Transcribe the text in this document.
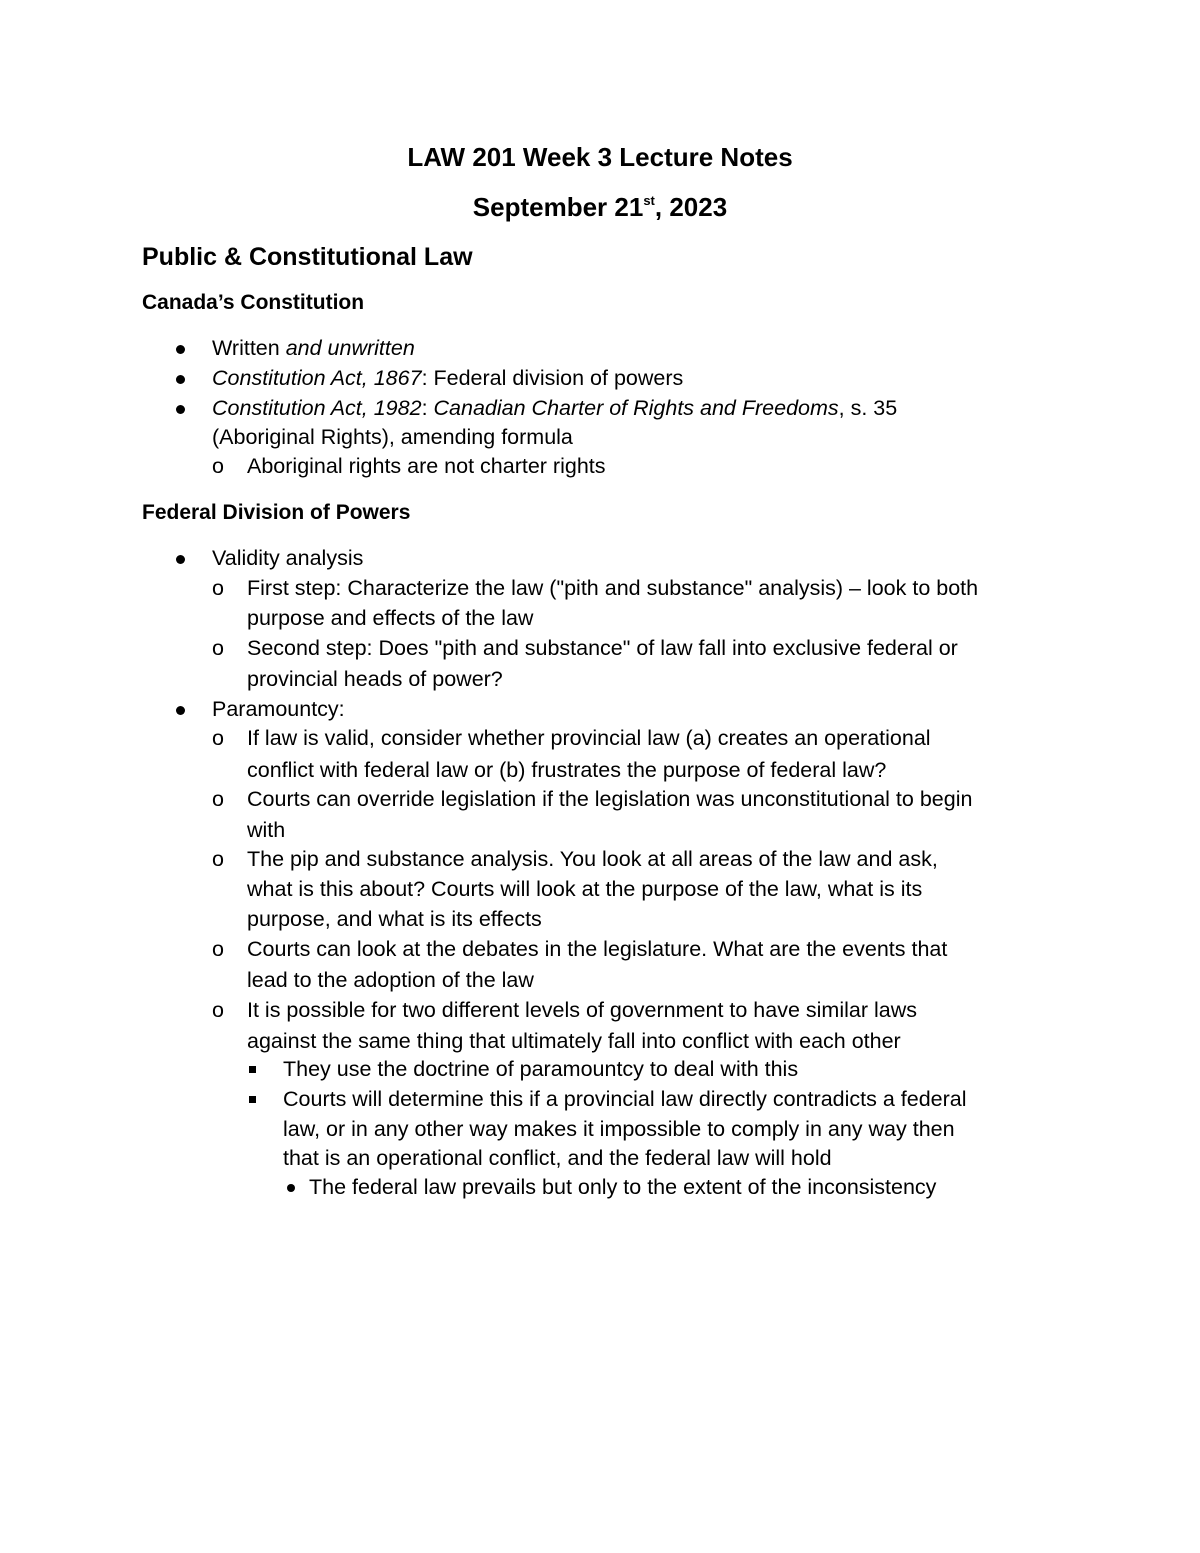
LAW 201 Week 3 Lecture Notes
September 21st, 2023
Public & Constitutional Law
Canada’s Constitution
Written and unwritten
Constitution Act, 1867: Federal division of powers
Constitution Act, 1982: Canadian Charter of Rights and Freedoms, s. 35
(Aboriginal Rights), amending formula
o Aboriginal rights are not charter rights
Federal Division of Powers
Validity analysis
o First step: Characterize the law ("pith and substance" analysis) – look to both
purpose and effects of the law
o Second step: Does "pith and substance" of law fall into exclusive federal or
provincial heads of power?
Paramountcy:
o If law is valid, consider whether provincial law (a) creates an operational
conflict with federal law or (b) frustrates the purpose of federal law?
o Courts can override legislation if the legislation was unconstitutional to begin
with
o The pip and substance analysis. You look at all areas of the law and ask,
what is this about? Courts will look at the purpose of the law, what is its
purpose, and what is its effects
o Courts can look at the debates in the legislature. What are the events that
lead to the adoption of the law
o It is possible for two different levels of government to have similar laws
against the same thing that ultimately fall into conflict with each other
They use the doctrine of paramountcy to deal with this
Courts will determine this if a provincial law directly contradicts a federal
law, or in any other way makes it impossible to comply in any way then
that is an operational conflict, and the federal law will hold
The federal law prevails but only to the extent of the inconsistency
